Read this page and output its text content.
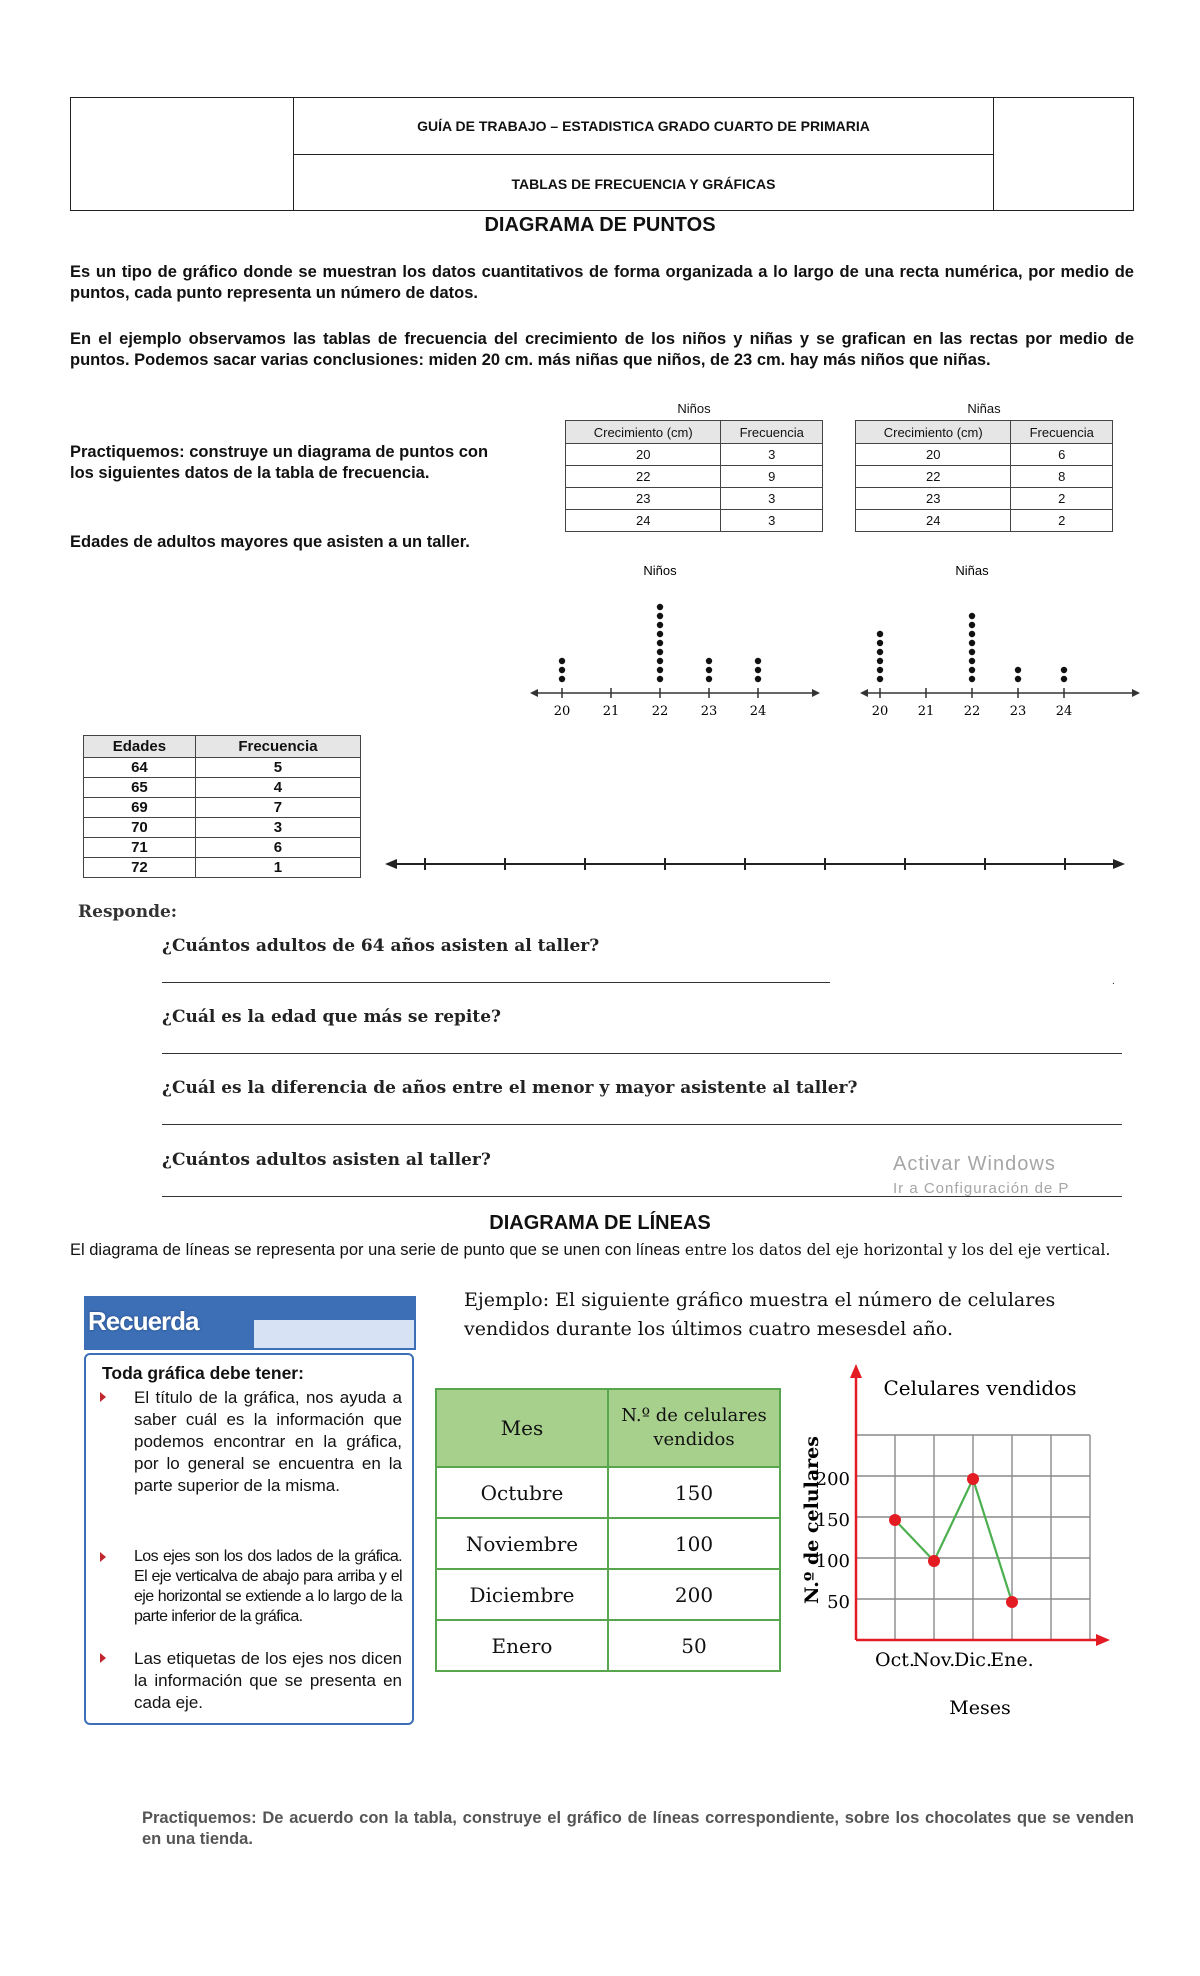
GUÍA DE TRABAJO – ESTADISTICA GRADO CUARTO DE PRIMARIA
TABLAS DE FRECUENCIA Y GRÁFICAS
DIAGRAMA DE PUNTOS
Es un tipo de gráfico donde se muestran los datos cuantitativos de forma organizada a lo largo de una recta numérica, por medio de puntos, cada punto representa un número de datos.
En el ejemplo observamos las tablas de frecuencia del crecimiento de los niños y niñas y se grafican en las rectas por medio de puntos. Podemos sacar varias conclusiones: miden 20 cm. más niñas que niños, de 23 cm. hay más niños que niñas.
Practiquemos: construye un diagrama de puntos con los siguientes datos de la tabla de frecuencia.
Edades de adultos mayores que asisten a un taller.
Niños
Crecimiento (cm)	Frecuencia
20	3
22	9
23	3
24	3
Niñas
Crecimiento (cm)	Frecuencia
20	6
22	8
23	2
24	2
Niños
20 21 22 23 24
Niñas
20 21 22 23 24
Edades	Frecuencia
64	5
65	4
69	7
70	3
71	6
72	1
Responde:
¿Cuántos adultos de 64 años asisten al taller?
.
¿Cuál es la edad que más se repite?
¿Cuál es la diferencia de años entre el menor y mayor asistente al taller?
¿Cuántos adultos asisten al taller?	Activar Windows
Ir a Configuración de P
DIAGRAMA DE LÍNEAS
El diagrama de líneas se representa por una serie de punto que se unen con líneas entre los datos del eje horizontal y los del eje vertical.
Recuerda
Toda gráfica debe tener:
El título de la gráfica, nos ayuda a saber cuál es la información que podemos encontrar en la gráfica, por lo general se encuentra en la parte superior de la misma.
Los ejes son los dos lados de la gráfica. El eje verticalva de abajo para arriba y el eje horizontal se extiende a lo largo de la parte inferior de la gráfica.
Las etiquetas de los ejes nos dicen la información que se presenta en cada eje.
Ejemplo: El siguiente gráfico muestra el número de celulares vendidos durante los últimos cuatro mesesdel año.
Mes	N.º de celulares vendidos
Octubre	150
Noviembre	100
Diciembre	200
Enero	50
Celulares vendidos
50
100
150
200
N.º de celulares
Oct.
Nov.
Dic.
Ene.
Meses
Practiquemos: De acuerdo con la tabla, construye el gráfico de líneas correspondiente, sobre los chocolates que se venden en una tienda.
